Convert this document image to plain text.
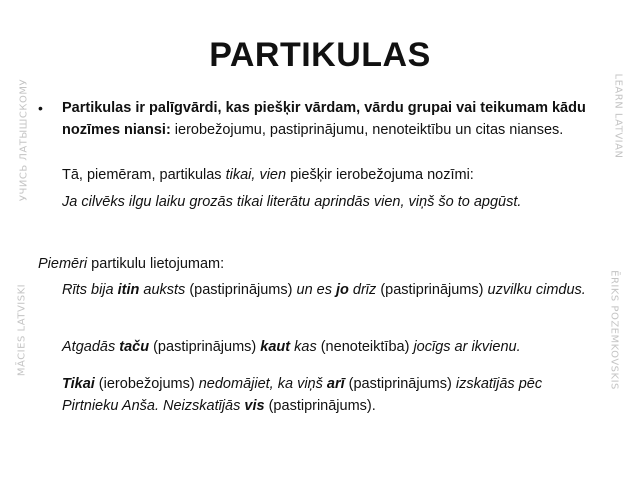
PARTIKULAS
УЧИСЬ ЛАТЫШСКОМУ
MĀCIES LATVISKI
LEARN LATVIAN
ĒRIKS POZEMKOVSKIS
• Partikulas ir palīgvārdi, kas piešķir vārdam, vārdu grupai vai teikumam kādu nozīmes niansi: ierobežojumu, pastiprinājumu, nenoteiktību un citas nianses.
Tā, piemēram, partikulas tikai, vien piešķir ierobežojuma nozīmi:
Ja cilvēks ilgu laiku grozās tikai literātu aprindās vien, viņš šo to apgūst.
Piemēri partikulu lietojumam:
Rīts bija itin auksts (pastiprinājums) un es jo drīz (pastiprinājums) uzvilku cimdus.
Atgadās taču (pastiprinājums) kaut kas (nenoteiktība) jocīgs ar ikvienu.
Tikai (ierobežojums) nedomājiet, ka viņš arī (pastiprinājums) izskatījās pēc Pirtnieku Anša. Neizskatījās vis (pastiprinājums).
